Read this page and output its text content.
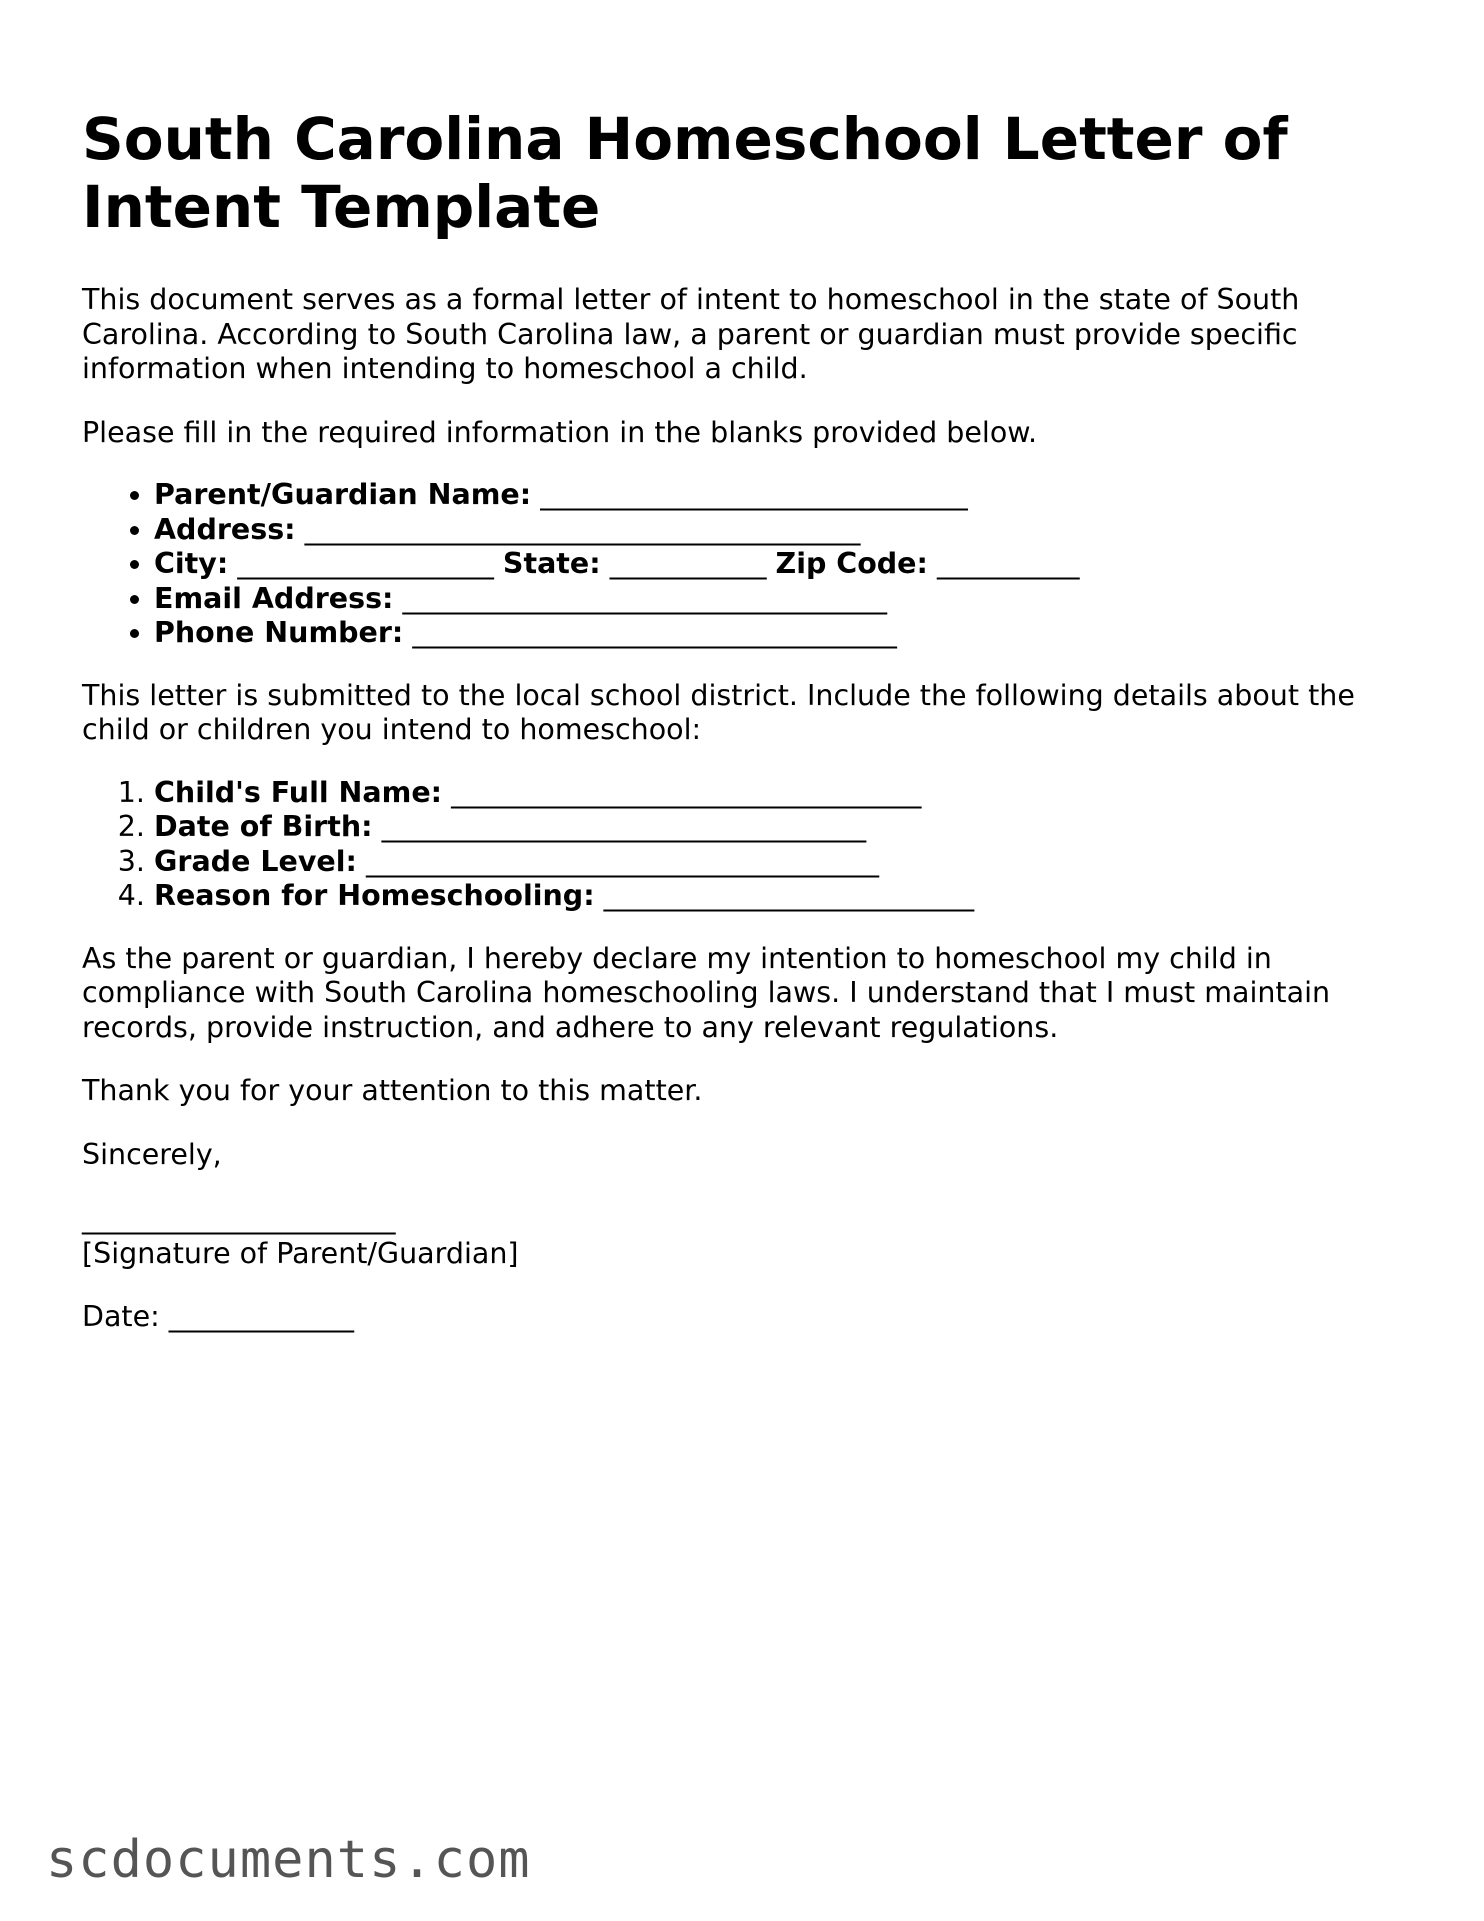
South Carolina Homeschool Letter of Intent Template

This document serves as a formal letter of intent to homeschool in the state of South Carolina. According to South Carolina law, a parent or guardian must provide specific information when intending to homeschool a child.

Please fill in the required information in the blanks provided below.

• Parent/Guardian Name: ______________________________
• Address: _______________________________________
• City: __________________ State: ___________ Zip Code: __________
• Email Address: __________________________________
• Phone Number: __________________________________

This letter is submitted to the local school district. Include the following details about the child or children you intend to homeschool:

1. Child's Full Name: _________________________________
2. Date of Birth: __________________________________
3. Grade Level: ____________________________________
4. Reason for Homeschooling: __________________________

As the parent or guardian, I hereby declare my intention to homeschool my child in compliance with South Carolina homeschooling laws. I understand that I must maintain records, provide instruction, and adhere to any relevant regulations.

Thank you for your attention to this matter.

Sincerely,

______________________

[Signature of Parent/Guardian]

Date: _____________

scdocuments.com
